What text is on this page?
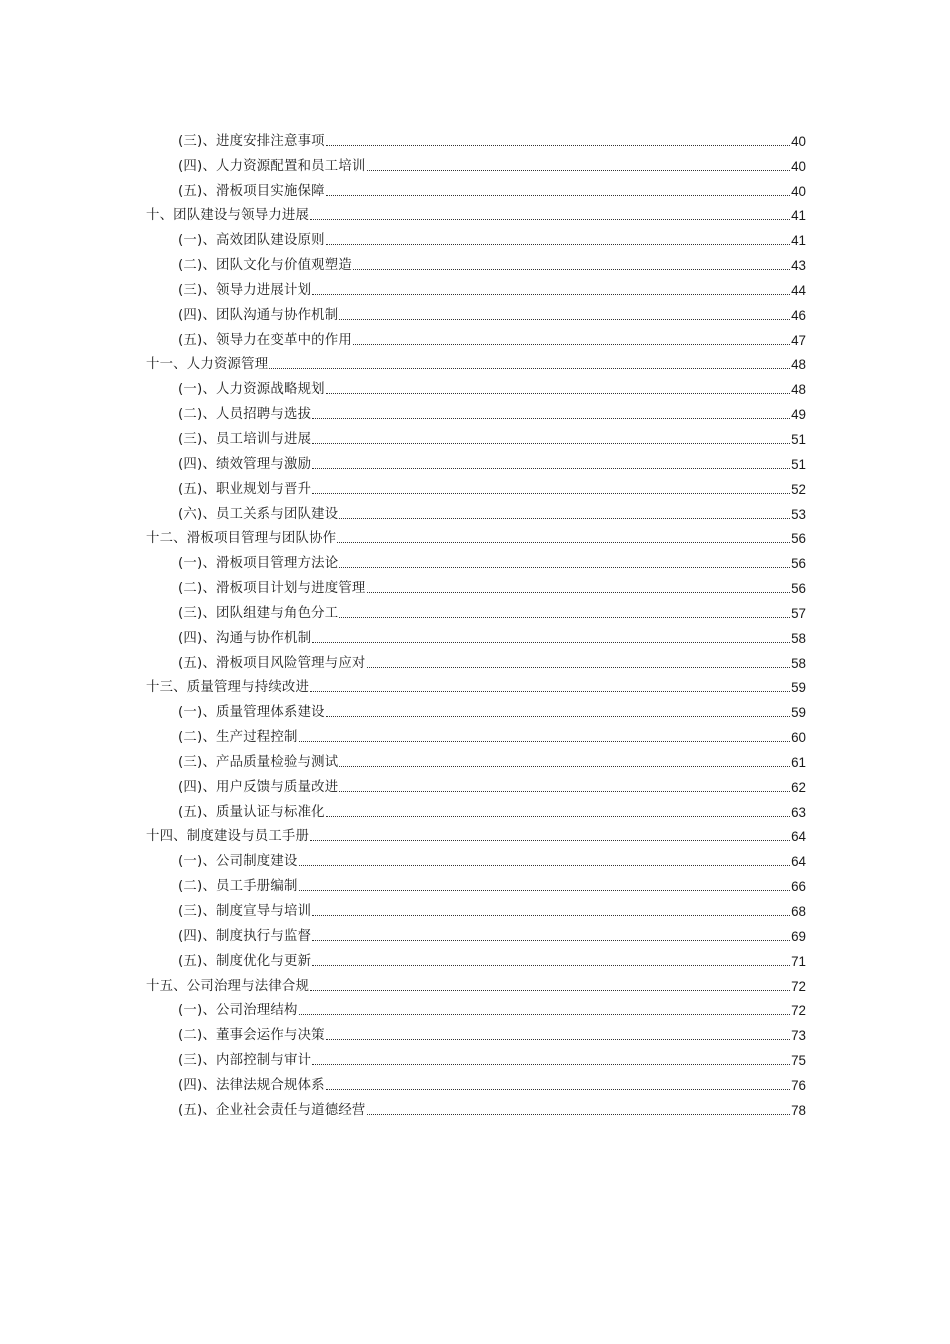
(三)、进度安排注意事项	40
(四)、人力资源配置和员工培训	40
(五)、滑板项目实施保障	40
十、团队建设与领导力进展	41
(一)、高效团队建设原则	41
(二)、团队文化与价值观塑造	43
(三)、领导力进展计划	44
(四)、团队沟通与协作机制	46
(五)、领导力在变革中的作用	47
十一、人力资源管理	48
(一)、人力资源战略规划	48
(二)、人员招聘与选拔	49
(三)、员工培训与进展	51
(四)、绩效管理与激励	51
(五)、职业规划与晋升	52
(六)、员工关系与团队建设	53
十二、滑板项目管理与团队协作	56
(一)、滑板项目管理方法论	56
(二)、滑板项目计划与进度管理	56
(三)、团队组建与角色分工	57
(四)、沟通与协作机制	58
(五)、滑板项目风险管理与应对	58
十三、质量管理与持续改进	59
(一)、质量管理体系建设	59
(二)、生产过程控制	60
(三)、产品质量检验与测试	61
(四)、用户反馈与质量改进	62
(五)、质量认证与标准化	63
十四、制度建设与员工手册	64
(一)、公司制度建设	64
(二)、员工手册编制	66
(三)、制度宣导与培训	68
(四)、制度执行与监督	69
(五)、制度优化与更新	71
十五、公司治理与法律合规	72
(一)、公司治理结构	72
(二)、董事会运作与决策	73
(三)、内部控制与审计	75
(四)、法律法规合规体系	76
(五)、企业社会责任与道德经营	78
